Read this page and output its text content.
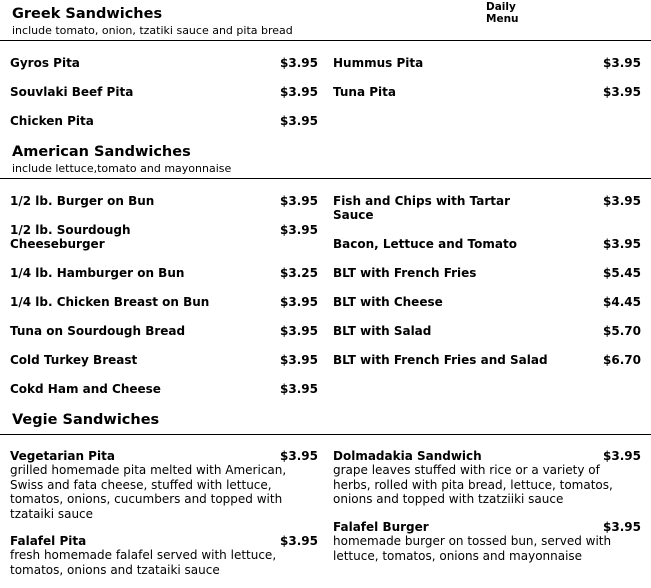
Greek Sandwiches
include tomato, onion, tzatiki sauce and pita bread
Daily
Menu
Gyros Pita	$3.95
Souvlaki Beef Pita	$3.95
Chicken Pita	$3.95
Hummus Pita	$3.95
Tuna Pita	$3.95
American Sandwiches
include lettuce,tomato and mayonnaise
1/2 lb. Burger on Bun	$3.95
1/2 lb. Sourdough
Cheeseburger
$3.95
1/4 lb. Hamburger on Bun	$3.25
1/4 lb. Chicken Breast on Bun	$3.95
Tuna on Sourdough Bread	$3.95
Cold Turkey Breast	$3.95
Cokd Ham and Cheese	$3.95
Fish and Chips with Tartar
Sauce
$3.95
Bacon, Lettuce and Tomato	$3.95
BLT with French Fries	$5.45
BLT with Cheese	$4.45
BLT with Salad	$5.70
BLT with French Fries and Salad	$6.70
Vegie Sandwiches
Vegetarian Pita	$3.95
grilled homemade pita melted with American,
Swiss and fata cheese, stuffed with lettuce,
tomatos, onions, cucumbers and topped with
tzataiki sauce
Falafel Pita	$3.95
fresh homemade falafel served with lettuce,
tomatos, onions and tzataiki sauce
Dolmadakia Sandwich	$3.95
grape leaves stuffed with rice or a variety of
herbs, rolled with pita bread, lettuce, tomatos,
onions and topped with tzatziiki sauce
Falafel Burger	$3.95
homemade burger on tossed bun, served with
lettuce, tomatos, onions and mayonnaise
